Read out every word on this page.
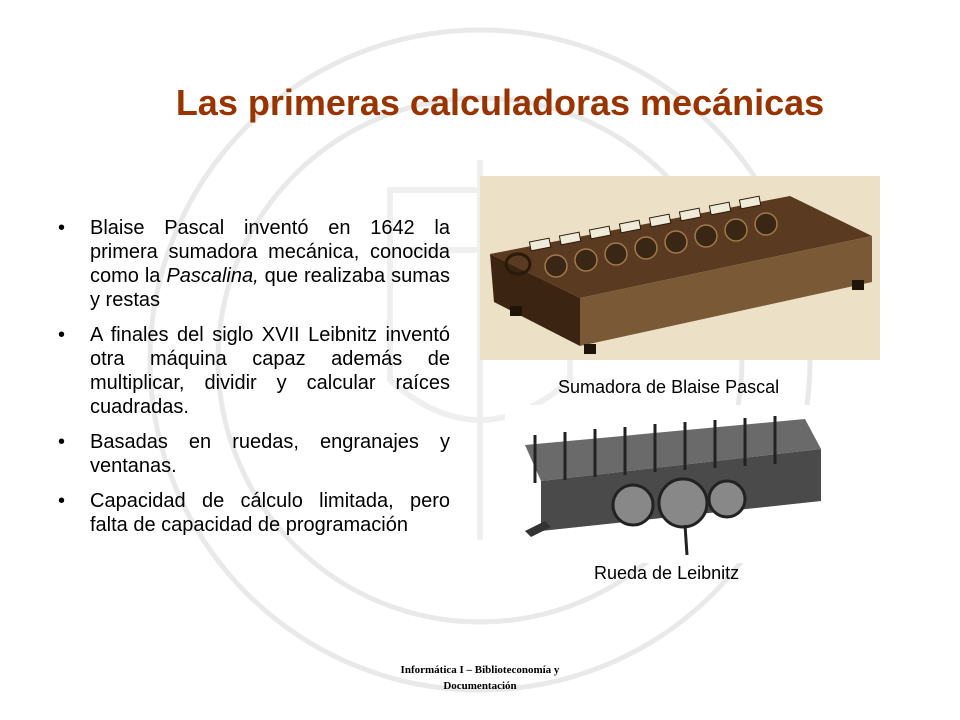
Las primeras calculadoras mecánicas
• Blaise Pascal inventó en 1642 la primera sumadora mecánica, conocida como la Pascalina, que realizaba sumas y restas
• A finales del siglo XVII Leibnitz inventó otra máquina capaz además de multiplicar, dividir y calcular raíces cuadradas.
• Basadas en ruedas, engranajes y ventanas.
• Capacidad de cálculo limitada, pero falta de capacidad de programación
Sumadora de Blaise Pascal
Rueda de Leibnitz
Informática I – Biblioteconomía y
Documentación
